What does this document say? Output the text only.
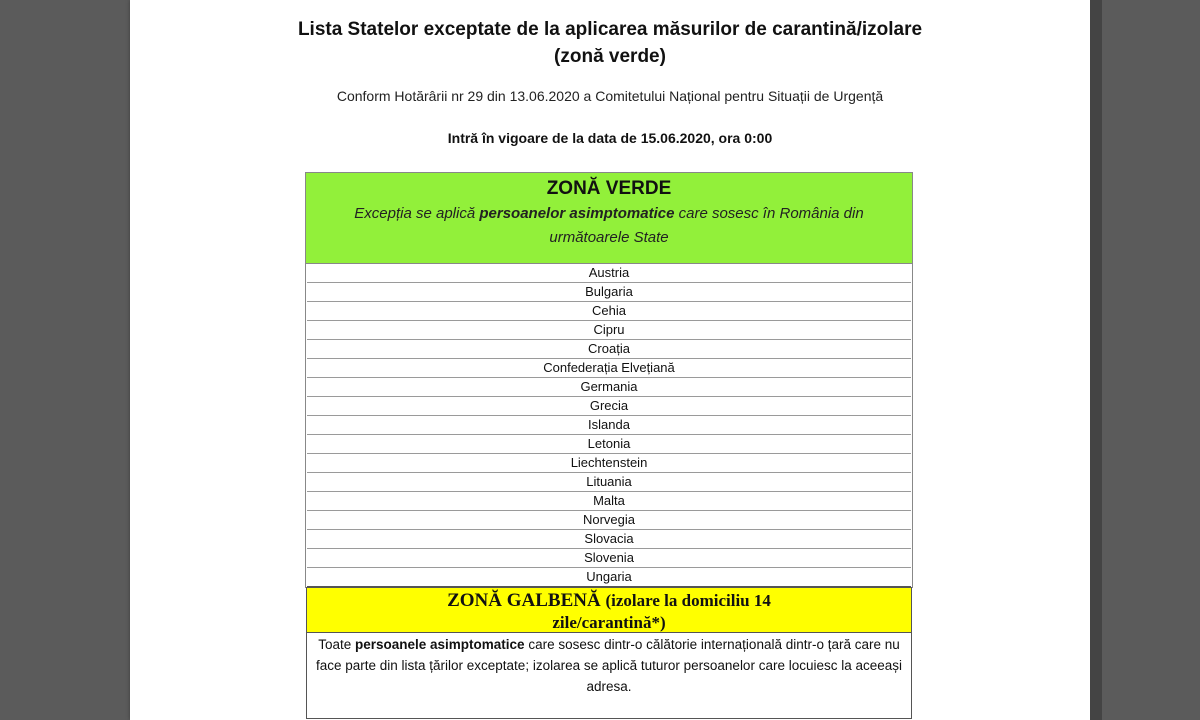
Lista Statelor exceptate de la aplicarea măsurilor de carantină/izolare
(zonă verde)
Conform Hotărârii nr 29 din 13.06.2020 a Comitetului Național pentru Situații de Urgență
Intră în vigoare de la data de 15.06.2020, ora 0:00
ZONĂ VERDE
Excepția se aplică persoanelor asimptomatice care sosesc în România din următoarele State
Austria
Bulgaria
Cehia
Cipru
Croația
Confederația Elvețiană
Germania
Grecia
Islanda
Letonia
Liechtenstein
Lituania
Malta
Norvegia
Slovacia
Slovenia
Ungaria
ZONĂ GALBENĂ (izolare la domiciliu 14 zile/carantină*)
Toate persoanele asimptomatice care sosesc dintr-o călătorie internațională dintr-o țară care nu face parte din lista țărilor exceptate; izolarea se aplică tuturor persoanelor care locuiesc la aceeași adresa.
